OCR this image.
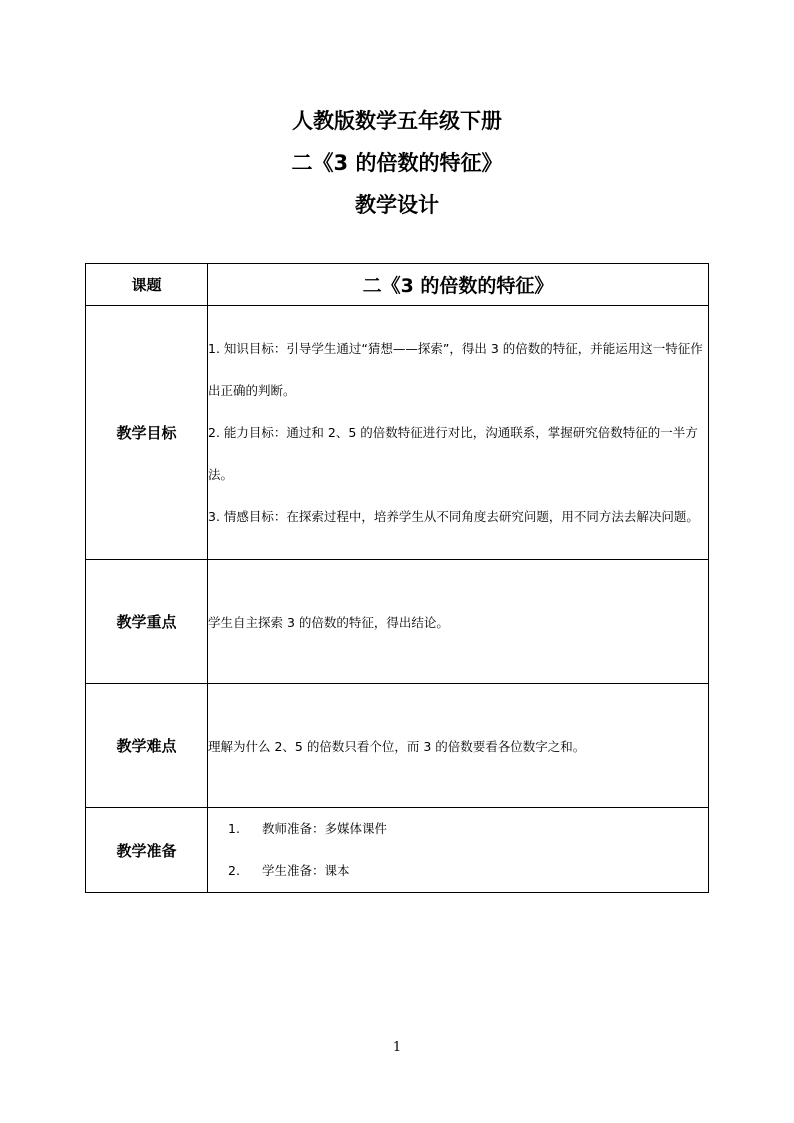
人教版数学五年级下册
二《3 的倍数的特征》
教学设计
课题	二《3 的倍数的特征》
教学目标	1. 知识目标：引导学生通过“猜想——探索”，得出 3 的倍数的特征，并能运用这一特征作出正确的判断。

2. 能力目标：通过和 2、5 的倍数特征进行对比，沟通联系，掌握研究倍数特征的一半方法。

3. 情感目标：在探索过程中，培养学生从不同角度去研究问题，用不同方法去解决问题。

教学重点	学生自主探索 3 的倍数的特征，得出结论。
教学难点	理解为什么 2、5 的倍数只看个位，而 3 的倍数要看各位数字之和。
教学准备	1. 教师准备：多媒体课件
2. 学生准备：课本
1
